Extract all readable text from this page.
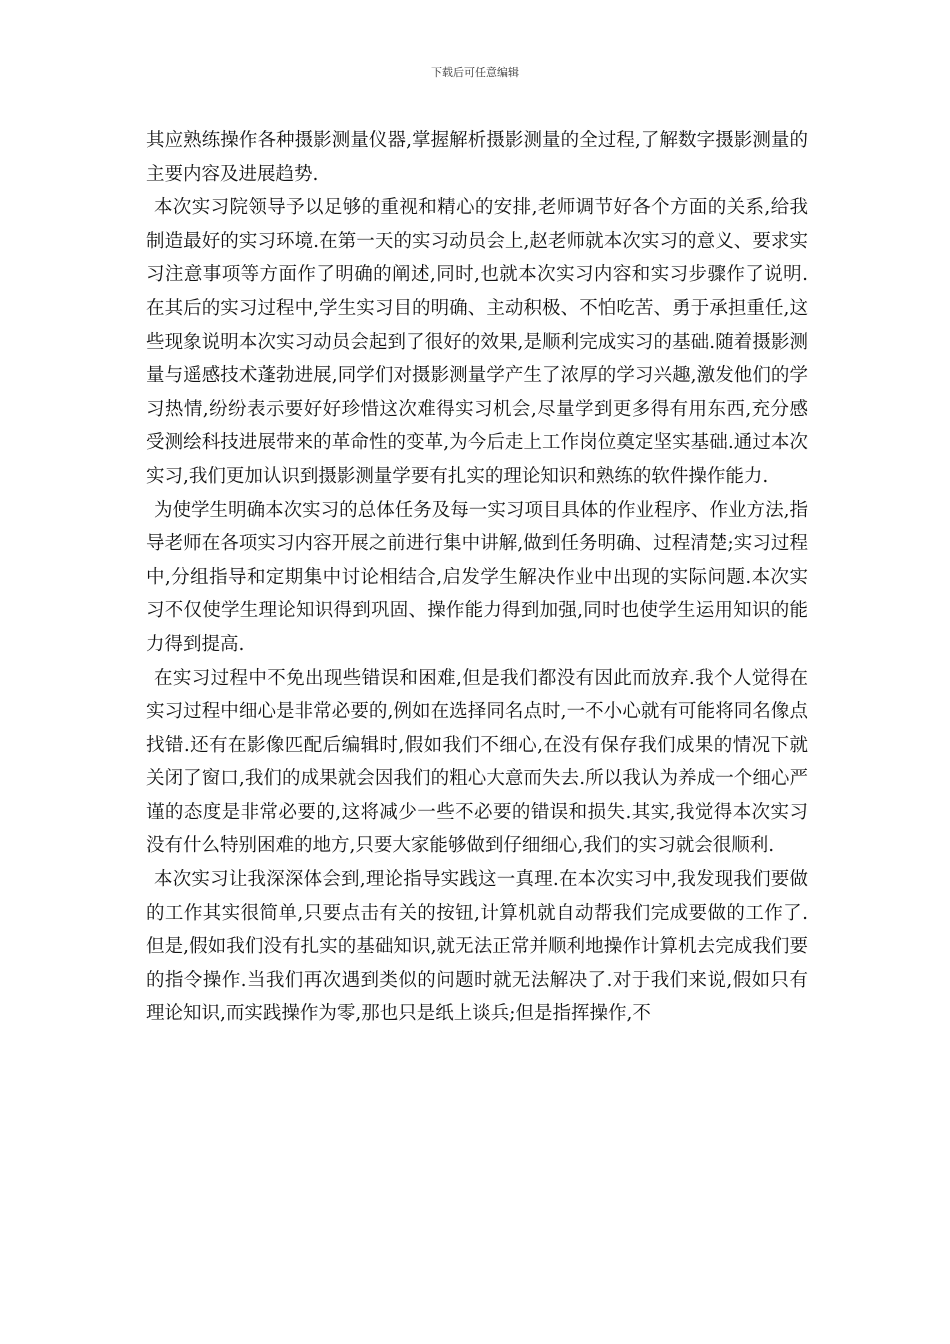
下载后可任意编辑

其应熟练操作各种摄影测量仪器,掌握解析摄影测量的全过程,了解数字摄影测量的主要内容及进展趋势.

本次实习院领导予以足够的重视和精心的安排,老师调节好各个方面的关系,给我制造最好的实习环境.在第一天的实习动员会上,赵老师就本次实习的意义、要求实习注意事项等方面作了明确的阐述,同时,也就本次实习内容和实习步骤作了说明.在其后的实习过程中,学生实习目的明确、主动积极、不怕吃苦、勇于承担重任,这些现象说明本次实习动员会起到了很好的效果,是顺利完成实习的基础.随着摄影测量与遥感技术蓬勃进展,同学们对摄影测量学产生了浓厚的学习兴趣,激发他们的学习热情,纷纷表示要好好珍惜这次难得实习机会,尽量学到更多得有用东西,充分感受测绘科技进展带来的革命性的变革,为今后走上工作岗位奠定坚实基础.通过本次实习,我们更加认识到摄影测量学要有扎实的理论知识和熟练的软件操作能力.

为使学生明确本次实习的总体任务及每一实习项目具体的作业程序、作业方法,指导老师在各项实习内容开展之前进行集中讲解,做到任务明确、过程清楚;实习过程中,分组指导和定期集中讨论相结合,启发学生解决作业中出现的实际问题.本次实习不仅使学生理论知识得到巩固、操作能力得到加强,同时也使学生运用知识的能力得到提高.

在实习过程中不免出现些错误和困难,但是我们都没有因此而放弃.我个人觉得在实习过程中细心是非常必要的,例如在选择同名点时,一不小心就有可能将同名像点找错.还有在影像匹配后编辑时,假如我们不细心,在没有保存我们成果的情况下就关闭了窗口,我们的成果就会因我们的粗心大意而失去.所以我认为养成一个细心严谨的态度是非常必要的,这将减少一些不必要的错误和损失.其实,我觉得本次实习没有什么特别困难的地方,只要大家能够做到仔细细心,我们的实习就会很顺利.

本次实习让我深深体会到,理论指导实践这一真理.在本次实习中,我发现我们要做的工作其实很简单,只要点击有关的按钮,计算机就自动帮我们完成要做的工作了.但是,假如我们没有扎实的基础知识,就无法正常并顺利地操作计算机去完成我们要的指令操作.当我们再次遇到类似的问题时就无法解决了.对于我们来说,假如只有理论知识,而实践操作为零,那也只是纸上谈兵;但是指挥操作,不
